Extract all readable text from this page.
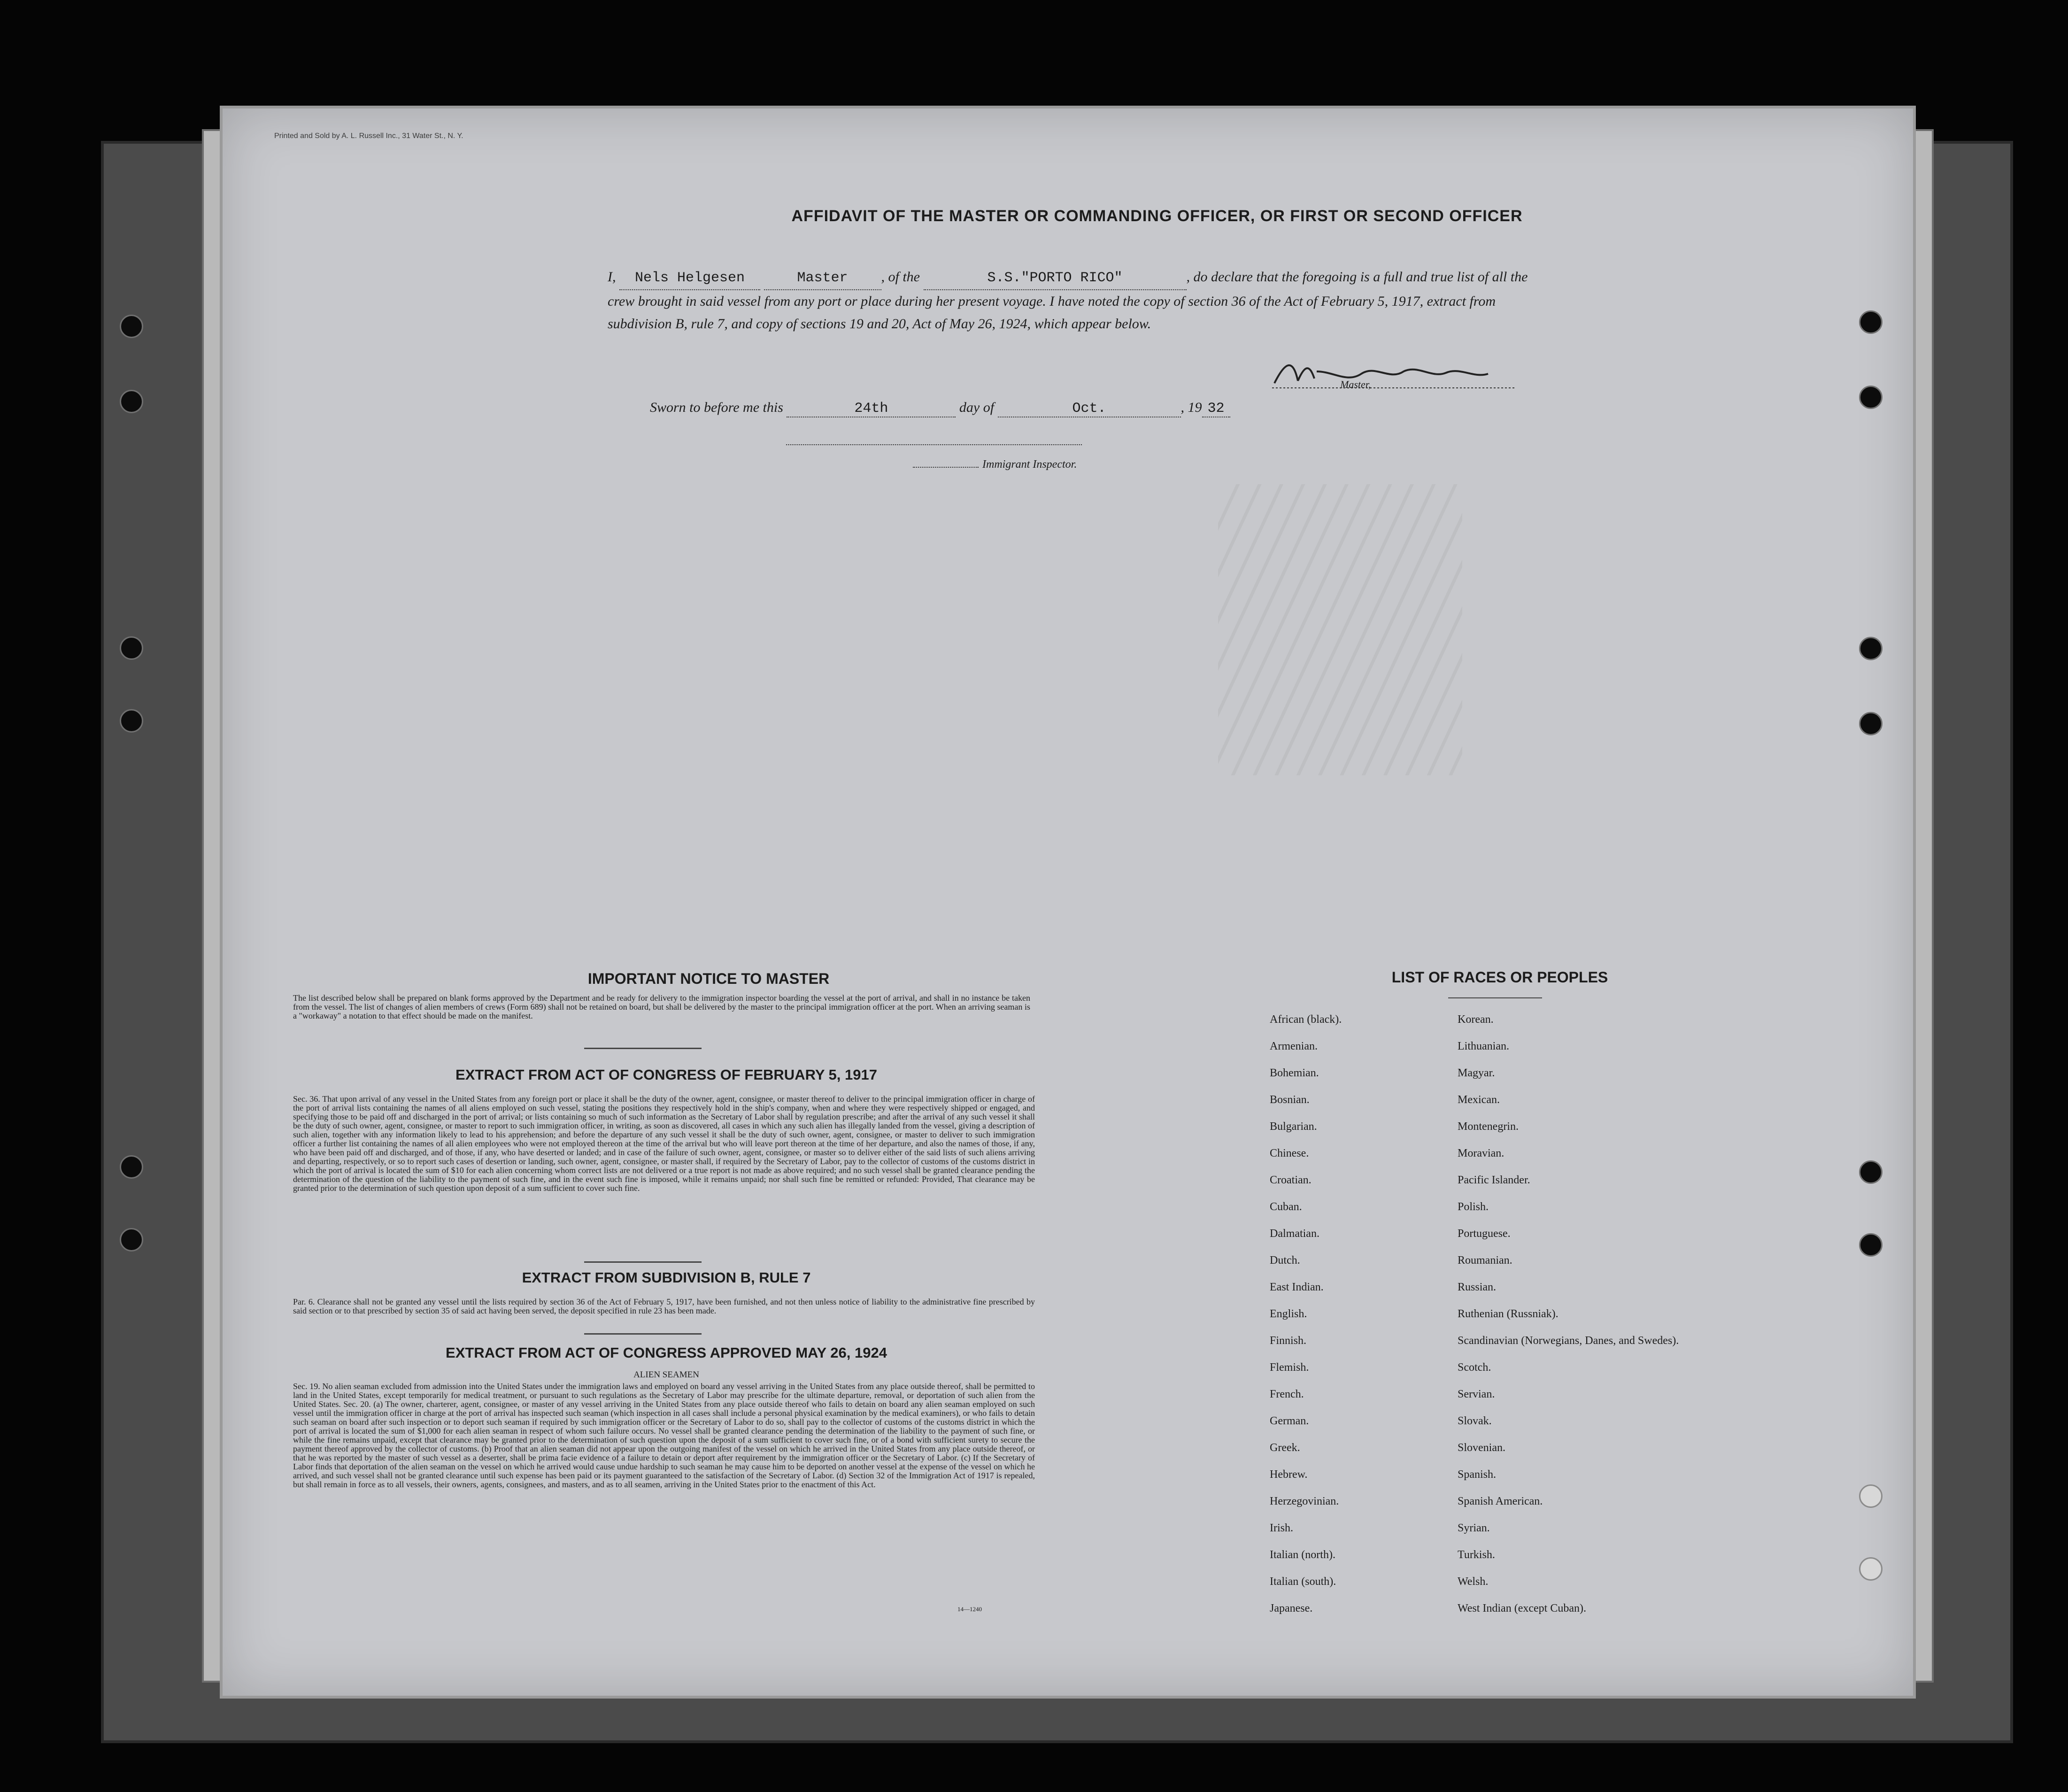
Printed and Sold by A. L. Russell Inc., 31 Water St., N. Y.
AFFIDAVIT OF THE MASTER OR COMMANDING OFFICER, OR FIRST OR SECOND OFFICER
I, Nels Helgesen	Master , of the	S.S."PORTO RICO"	, do declare that the foregoing is a full and true list of all the crew brought in said vessel from any port or place during her present voyage. I have noted the copy of section 36 of the Act of February 5, 1917, extract from subdivision B, rule 7, and copy of sections 19 and 20, Act of May 26, 1924, which appear below.
Master,
Sworn to before me this	24th	day of	Oct.	, 19 32
Immigrant Inspector.
IMPORTANT NOTICE TO MASTER
The list described below shall be prepared on blank forms approved by the Department and be ready for delivery to the immigration inspector boarding the vessel at the port of arrival, and shall in no instance be taken from the vessel. The list of changes of alien members of crews (Form 689) shall not be retained on board, but shall be delivered by the master to the principal immigration officer at the port. When an arriving seaman is a "workaway" a notation to that effect should be made on the manifest.
EXTRACT FROM ACT OF CONGRESS OF FEBRUARY 5, 1917
Sec. 36. That upon arrival of any vessel in the United States from any foreign port or place it shall be the duty of the owner, agent, consignee, or master thereof to deliver to the principal immigration officer in charge of the port of arrival lists containing the names of all aliens employed on such vessel, stating the positions they respectively hold in the ship's company, when and where they were respectively shipped or engaged, and specifying those to be paid off and discharged in the port of arrival; or lists containing so much of such information as the Secretary of Labor shall by regulation prescribe; and after the arrival of any such vessel it shall be the duty of such owner, agent, consignee, or master to report to such immigration officer, in writing, as soon as discovered, all cases in which any such alien has illegally landed from the vessel, giving a description of such alien, together with any information likely to lead to his apprehension; and before the departure of any such vessel it shall be the duty of such owner, agent, consignee, or master to deliver to such immigration officer a further list containing the names of all alien employees who were not employed thereon at the time of the arrival but who will leave port thereon at the time of her departure, and also the names of those, if any, who have been paid off and discharged, and of those, if any, who have deserted or landed; and in case of the failure of such owner, agent, consignee, or master so to deliver either of the said lists of such aliens arriving and departing, respectively, or so to report such cases of desertion or landing, such owner, agent, consignee, or master shall, if required by the Secretary of Labor, pay to the collector of customs of the customs district in which the port of arrival is located the sum of $10 for each alien concerning whom correct lists are not delivered or a true report is not made as above required; and no such vessel shall be granted clearance pending the determination of the question of the liability to the payment of such fine, and in the event such fine is imposed, while it remains unpaid; nor shall such fine be remitted or refunded: Provided, That clearance may be granted prior to the determination of such question upon deposit of a sum sufficient to cover such fine.
EXTRACT FROM SUBDIVISION B, RULE 7
Par. 6. Clearance shall not be granted any vessel until the lists required by section 36 of the Act of February 5, 1917, have been furnished, and not then unless notice of liability to the administrative fine prescribed by said section or to that prescribed by section 35 of said act having been served, the deposit specified in rule 23 has been made.
EXTRACT FROM ACT OF CONGRESS APPROVED MAY 26, 1924
ALIEN SEAMEN
Sec. 19. No alien seaman excluded from admission into the United States under the immigration laws and employed on board any vessel arriving in the United States from any place outside thereof, shall be permitted to land in the United States, except temporarily for medical treatment, or pursuant to such regulations as the Secretary of Labor may prescribe for the ultimate departure, removal, or deportation of such alien from the United States. Sec. 20. (a) The owner, charterer, agent, consignee, or master of any vessel arriving in the United States from any place outside thereof who fails to detain on board any alien seaman employed on such vessel until the immigration officer in charge at the port of arrival has inspected such seaman (which inspection in all cases shall include a personal physical examination by the medical examiners), or who fails to detain such seaman on board after such inspection or to deport such seaman if required by such immigration officer or the Secretary of Labor to do so, shall pay to the collector of customs of the customs district in which the port of arrival is located the sum of $1,000 for each alien seaman in respect of whom such failure occurs. No vessel shall be granted clearance pending the determination of the liability to the payment of such fine, or while the fine remains unpaid, except that clearance may be granted prior to the determination of such question upon the deposit of a sum sufficient to cover such fine, or of a bond with sufficient surety to secure the payment thereof approved by the collector of customs. (b) Proof that an alien seaman did not appear upon the outgoing manifest of the vessel on which he arrived in the United States from any place outside thereof, or that he was reported by the master of such vessel as a deserter, shall be prima facie evidence of a failure to detain or deport after requirement by the immigration officer or the Secretary of Labor. (c) If the Secretary of Labor finds that deportation of the alien seaman on the vessel on which he arrived would cause undue hardship to such seaman he may cause him to be deported on another vessel at the expense of the vessel on which he arrived, and such vessel shall not be granted clearance until such expense has been paid or its payment guaranteed to the satisfaction of the Secretary of Labor. (d) Section 32 of the Immigration Act of 1917 is repealed, but shall remain in force as to all vessels, their owners, agents, consignees, and masters, and as to all seamen, arriving in the United States prior to the enactment of this Act.
14—1240
LIST OF RACES OR PEOPLES
African (black).	Korean.
Armenian.	Lithuanian.
Bohemian.	Magyar.
Bosnian.	Mexican.
Bulgarian.	Montenegrin.
Chinese.	Moravian.
Croatian.	Pacific Islander.
Cuban.	Polish.
Dalmatian.	Portuguese.
Dutch.	Roumanian.
East Indian.	Russian.
English.	Ruthenian (Russniak).
Finnish.	Scandinavian (Norwegians, Danes, and Swedes).
Flemish.	Scotch.
French.	Servian.
German.	Slovak.
Greek.	Slovenian.
Hebrew.	Spanish.
Herzegovinian.	Spanish American.
Irish.	Syrian.
Italian (north).	Turkish.
Italian (south).	Welsh.
Japanese.	West Indian (except Cuban).
